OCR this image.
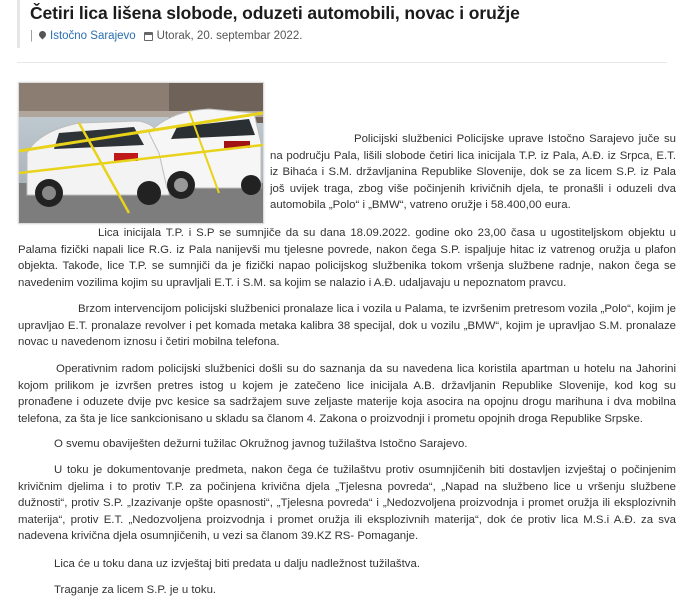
Četiri lica lišena slobode, oduzeti automobili, novac i oružje
| Istočno Sarajevo Utorak, 20. septembar 2022.
Policijski službenici Policijske uprave Istočno Sarajevo juče su na području Pala, lišili slobode četiri lica inicijala T.P. iz Pala, A.Đ. iz Srpca, E.T. iz Bihaća i S.M. državljanina Republike Slovenije, dok se za licem S.P. iz Pala još uvijek traga, zbog više počinjenih krivičnih djela, te pronašli i oduzeli dva automobila „Polo“ i „BMW“, vatreno oružje i 58.400,00 eura.
Lica inicijala T.P. i S.P se sumnjiče da su dana 18.09.2022. godine oko 23,00 časa u ugostiteljskom objektu u Palama fizički napali lice R.G. iz Pala nanijevši mu tjelesne povrede, nakon čega S.P. ispaljuje hitac iz vatrenog oružja u plafon objekta. Takođe, lice T.P. se sumnjiči da je fizički napao policijskog službenika tokom vršenja službene radnje, nakon čega se navedenim vozilima kojim su upravljali E.T. i S.M. sa kojim se nalazio i A.Đ. udaljavaju u nepoznatom pravcu.
Brzom intervencijom policijski službenici pronalaze lica i vozila u Palama, te izvršenim pretresom vozila „Polo“, kojim je upravljao E.T. pronalaze revolver i pet komada metaka kalibra 38 specijal, dok u vozilu „BMW“, kojim je upravljao S.M. pronalaze novac u navedenom iznosu i četiri mobilna telefona.
Operativnim radom policijski službenici došli su do saznanja da su navedena lica koristila apartman u hotelu na Jahorini kojom prilikom je izvršen pretres istog u kojem je zatečeno lice inicijala A.B. državljanin Republike Slovenije, kod kog su pronađene i oduzete dvije pvc kesice sa sadržajem suve zeljaste materije koja asocira na opojnu drogu marihuna i dva mobilna telefona, za šta je lice sankcionisano u skladu sa članom 4. Zakona o proizvodnji i prometu opojnih droga Republike Srpske.
O svemu obaviješten dežurni tužilac Okružnog javnog tužilaštva Istočno Sarajevo.
U toku je dokumentovanje predmeta, nakon čega će tužilaštvu protiv osumnjičenih biti dostavljen izvještaj o počinjenim krivičnim djelima i to protiv T.P. za počinjena krivična djela „Tjelesna povreda“, „Napad na službeno lice u vršenju službene dužnosti“, protiv S.P. „Izazivanje opšte opasnosti“, „Tjelesna povreda“ i „Nedozvoljena proizvodnja i promet oružja ili eksplozivnih materija“, protiv E.T. „Nedozvoljena proizvodnja i promet oružja ili eksplozivnih materija“, dok će protiv lica M.S.i A.Đ. za sva nadevena krivična djela osumnjičenih, u vezi sa članom 39.KZ RS- Pomaganje.
Lica će u toku dana uz izvještaj biti predata u dalju nadležnost tužilaštva.
Traganje za licem S.P. je u toku.
